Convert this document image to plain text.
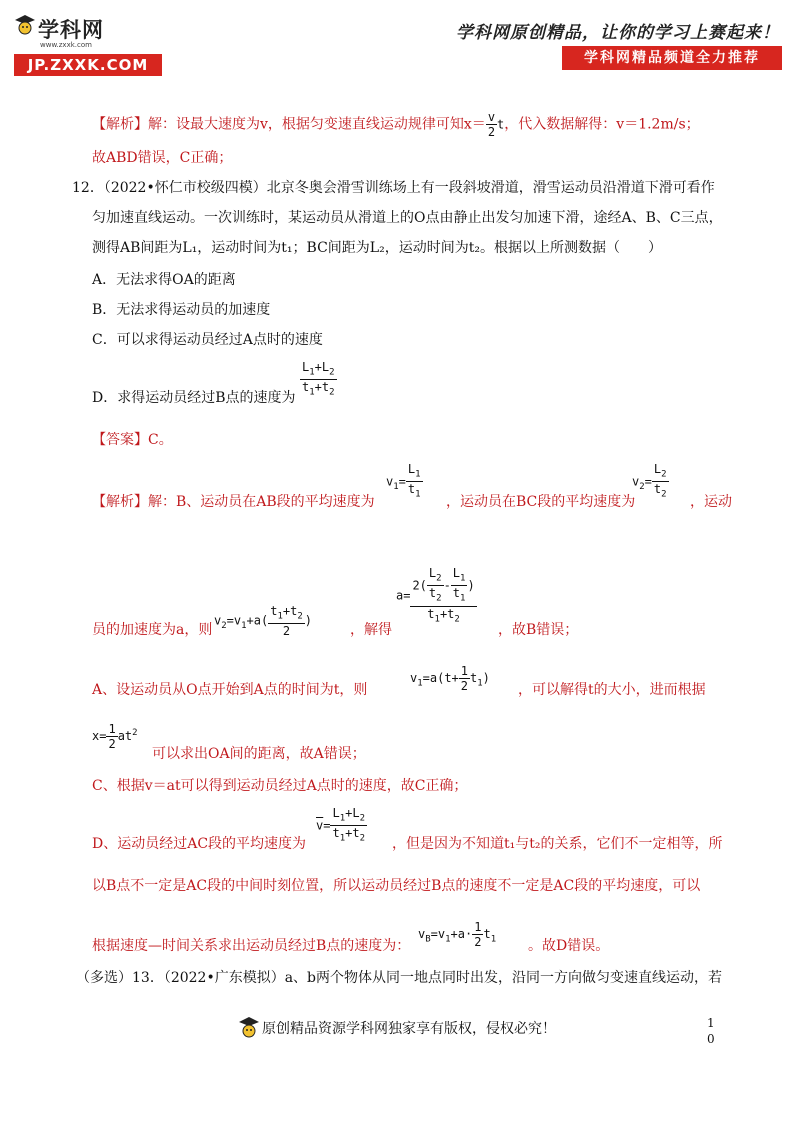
学科网
www.zxxk.com
JP.ZXXK.COM
学科网原创精品，让你的学习上赛起来！
学科网精品频道全力推荐
【解析】解：设最大速度为v，根据匀变速直线运动规律可知$x= \frac{v}{2}$ t，代入数据解得：v＝1.2m/s；
故ABD错误，C正确；
12．（2022•怀仁市校级四模）北京冬奥会滑雪训练场上有一段斜坡滑道，滑雪运动员沿滑道下滑可看作
匀加速直线运动。一次训练时，某运动员从滑道上的O点由静止出发匀加速下滑，途经A、B、C三点，
测得AB间距为L₁，运动时间为t₁；BC间距为L₂，运动时间为t₂。根据以上所测数据（　　）
A．无法求得OA的距离
B．无法求得运动员的加速度
C．可以求得运动员经过A点时的速度
D．求得运动员经过B点的速度为 $\frac{L_1+L_2}{t_1+t_2}$
【答案】C。
【解析】解：B、运动员在AB段的平均速度为
$v_1= \frac{L_1}{t_1}$
，运动员在BC段的平均速度为
$v_2= \frac{L_2}{t_2}$
，运动
员的加速度为a，则
$v_2=v_1+a( \frac{t_1+t_2}{2}$ )
，解得
$a= \frac{2( \frac{L_2}{t_2} - \frac{L_1}{t_1} )}{t_1+t_2}$
，故B错误；
A、设运动员从O点开始到A点的时间为t，则
$v_1=a(t+ \frac{1}{2} t_1)$
，可以解得t的大小，进而根据
$x= \frac{1}{2} at^2$
可以求出OA间的距离，故A错误；
C、根据v＝at可以得到运动员经过A点时的速度，故C正确；
D、运动员经过AC段的平均速度为
$\overline{v}= \frac{L_1+L_2}{t_1+t_2}$ ，但是因为不知道t₁与t₂的关系，它们不一定相等，所
以B点不一定是AC段的中间时刻位置，所以运动员经过B点的速度不一定是AC段的平均速度，可以
根据速度—时间关系求出运动员经过B点的速度为：
$v_B=v_1+a\cdot \frac{1}{2} t_1$ 。故D错误。
（多选）13．（2022•广东模拟）a、b两个物体从同一地点同时出发，沿同一方向做匀变速直线运动，若
原创精品资源学科网独家享有版权，侵权必究！	1
0
